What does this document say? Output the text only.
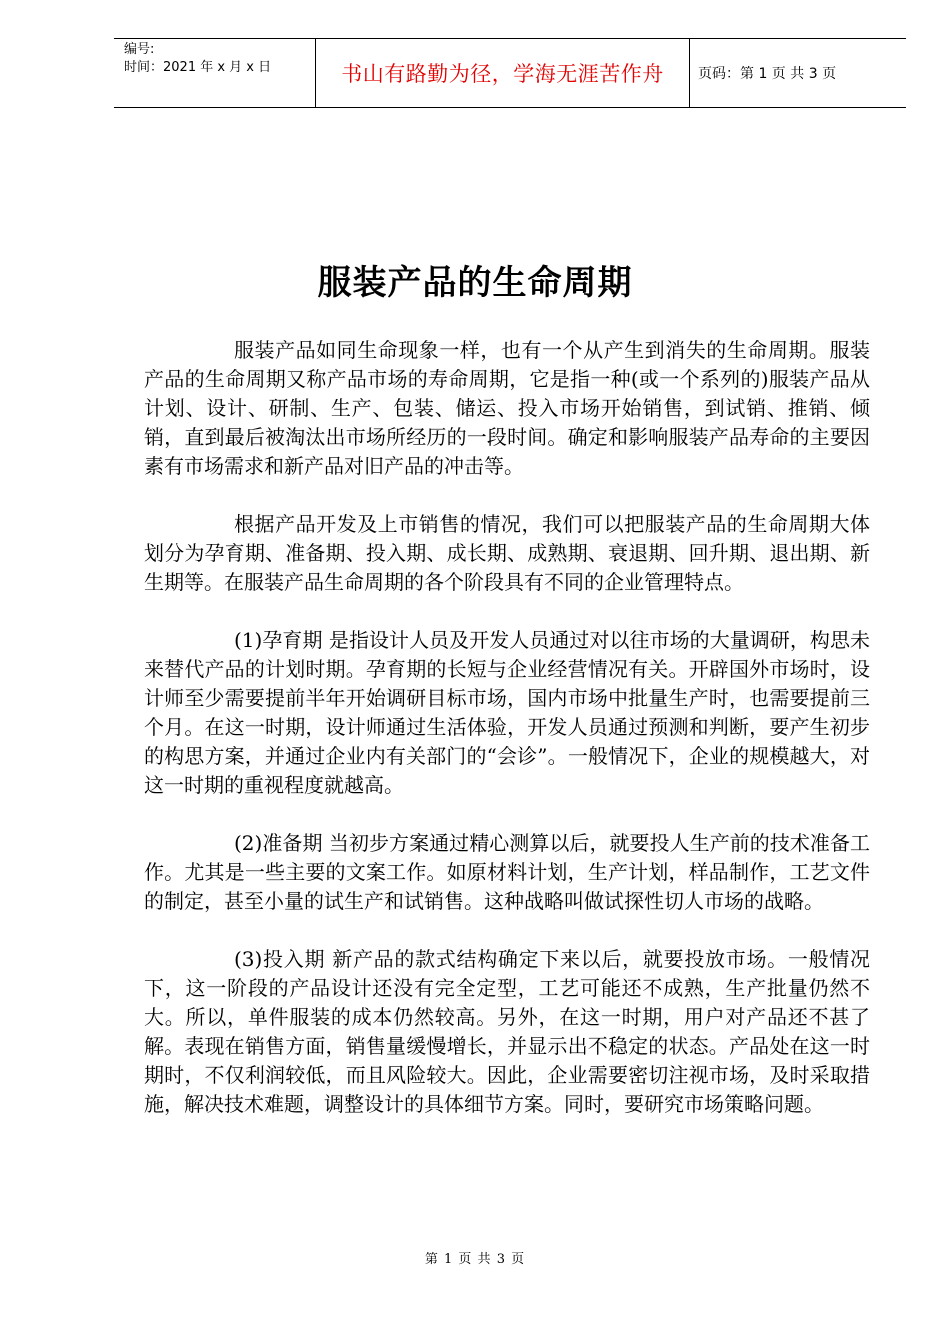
编号:
时间：2021 年 x 月 x 日	书山有路勤为径，学海无涯苦作舟 页码：第 1 页 共 3 页
服装产品的生命周期

服装产品如同生命现象一样，也有一个从产生到消失的生命周期。服装产品的生命周期又称产品市场的寿命周期，它是指一种(或一个系列的)服装产品从计划、设计、研制、生产、包装、储运、投入市场开始销售，到试销、推销、倾销，直到最后被淘汰出市场所经历的一段时间。确定和影响服装产品寿命的主要因素有市场需求和新产品对旧产品的冲击等。

根据产品开发及上市销售的情况，我们可以把服装产品的生命周期大体划分为孕育期、准备期、投入期、成长期、成熟期、衰退期、回升期、退出期、新生期等。在服装产品生命周期的各个阶段具有不同的企业管理特点。

(1)孕育期 是指设计人员及开发人员通过对以往市场的大量调研，构思未来替代产品的计划时期。孕育期的长短与企业经营情况有关。开辟国外市场时，设计师至少需要提前半年开始调研目标市场，国内市场中批量生产时，也需要提前三个月。在这一时期，设计师通过生活体验，开发人员通过预测和判断，要产生初步的构思方案，并通过企业内有关部门的“会诊”。一般情况下，企业的规模越大，对这一时期的重视程度就越高。

(2)准备期 当初步方案通过精心测算以后，就要投人生产前的技术准备工作。尤其是一些主要的文案工作。如原材料计划，生产计划，样品制作，工艺文件的制定，甚至小量的试生产和试销售。这种战略叫做试探性切人市场的战略。

(3)投入期 新产品的款式结构确定下来以后，就要投放市场。一般情况下，这一阶段的产品设计还没有完全定型，工艺可能还不成熟，生产批量仍然不大。所以，单件服装的成本仍然较高。另外，在这一时期，用户对产品还不甚了解。表现在销售方面，销售量缓慢增长，并显示出不稳定的状态。产品处在这一时期时，不仅利润较低，而且风险较大。因此，企业需要密切注视市场，及时采取措施，解决技术难题，调整设计的具体细节方案。同时，要研究市场策略问题。

第 1 页 共 3 页
